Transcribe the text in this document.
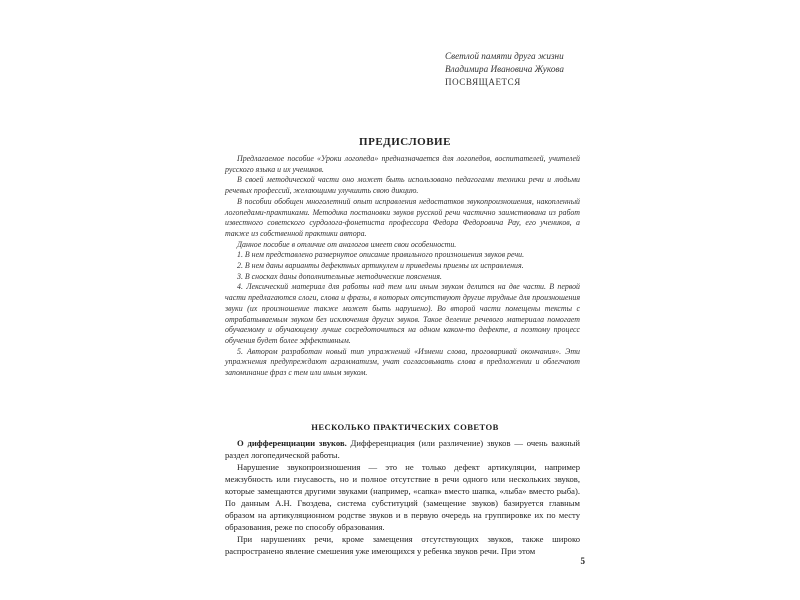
Светлой памяти друга жизни
Владимира Ивановича Жукова
ПОСВЯЩАЕТСЯ
ПРЕДИСЛОВИЕ

Предлагаемое пособие «Уроки логопеда» предназначается для логопедов, воспитателей, учителей русского языка и их учеников.

В своей методической части оно может быть использовано педагогами техники речи и людьми речевых профессий, желающими улучшить свою дикцию.

В пособии обобщен многолетний опыт исправления недостатков звукопроизношения, накопленный логопедами-практиками. Методика постановки звуков русской речи частично заимствована из работ известного советского сурдолога-фонетиста профессора Федора Федоровича Рау, его учеников, а также из собственной практики автора.

Данное пособие в отличие от аналогов имеет свои особенности.

1. В нем представлено развернутое описание правильного произношения звуков речи.

2. В нем даны варианты дефектных артикулем и приведены приемы их исправления.

3. В сносках даны дополнительные методические пояснения.

4. Лексический материал для работы над тем или иным звуком делится на две части. В первой части предлагаются слоги, слова и фразы, в которых отсутствуют другие трудные для произношения звуки (их произношение также может быть нарушено). Во второй части помещены тексты с отрабатываемым звуком без исключения других звуков. Такое деление речевого материала помогает обучаемому и обучающему лучше сосредоточиться на одном каком-то дефекте, а поэтому процесс обучения будет более эффективным.

5. Автором разработан новый тип упражнений «Измени слова, проговаривай окончания». Эти упражнения предупреждают аграмматизм, учат согласовывать слова в предложении и облегчают запоминание фраз с тем или иным звуком.

НЕСКОЛЬКО ПРАКТИЧЕСКИХ СОВЕТОВ

О дифференциации звуков. Дифференциация (или различение) звуков — очень важный раздел логопедической работы.

Нарушение звукопроизношения — это не только дефект артикуляции, например межзубность или гнусавость, но и полное отсутствие в речи одного или нескольких звуков, которые замещаются другими звуками (например, «сапка» вместо шапка, «лыба» вместо рыба). По данным А.Н. Гвоздева, система субституций (замещение звуков) базируется главным образом на артикуляционном родстве звуков и в первую очередь на группировке их по месту образования, реже по способу образования.

При нарушениях речи, кроме замещения отсутствующих звуков, также широко распространено явление смешения уже имеющихся у ребенка звуков речи. При этом

5
